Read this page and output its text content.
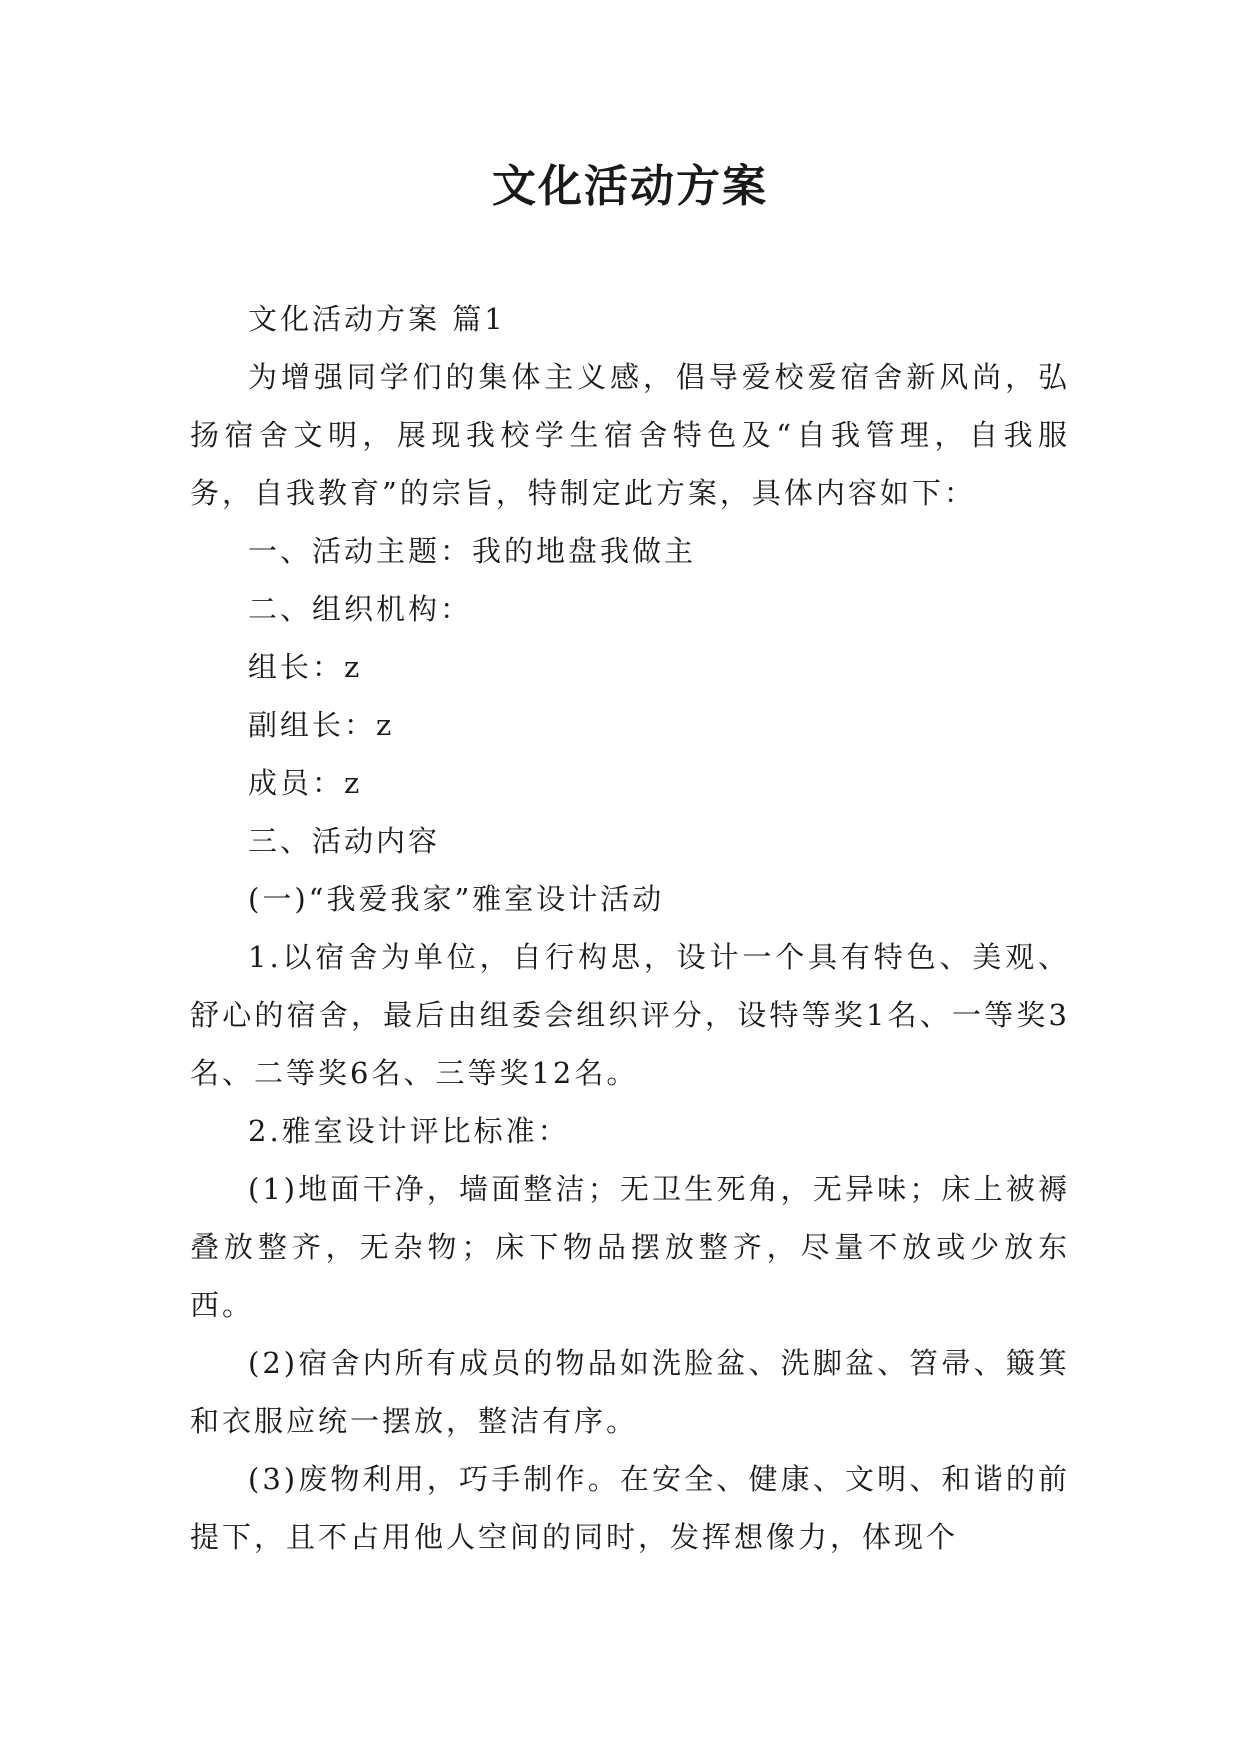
文化活动方案

文化活动方案 篇1

为增强同学们的集体主义感，倡导爱校爱宿舍新风尚，弘扬宿舍文明，展现我校学生宿舍特色及“自我管理，自我服务，自我教育”的宗旨，特制定此方案，具体内容如下：

一、活动主题：我的地盘我做主

二、组织机构：

组长：z

副组长：z

成员：z

三、活动内容

(一)“我爱我家”雅室设计活动

1.以宿舍为单位，自行构思，设计一个具有特色、美观、舒心的宿舍，最后由组委会组织评分，设特等奖1名、一等奖3名、二等奖6名、三等奖12名。

2.雅室设计评比标准：

(1)地面干净，墙面整洁；无卫生死角，无异味；床上被褥叠放整齐，无杂物；床下物品摆放整齐，尽量不放或少放东西。

(2)宿舍内所有成员的物品如洗脸盆、洗脚盆、笤帚、簸箕和衣服应统一摆放，整洁有序。

(3)废物利用，巧手制作。在安全、健康、文明、和谐的前提下，且不占用他人空间的同时，发挥想像力，体现个
